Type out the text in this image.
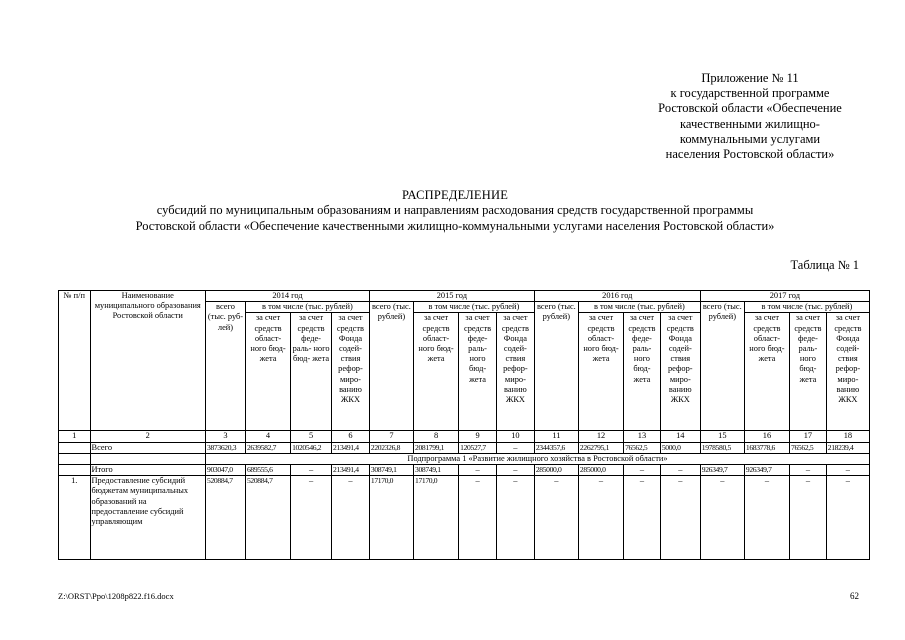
Приложение № 11
к государственной программе
Ростовской области «Обеспечение
качественными жилищно-
коммунальными услугами
населения Ростовской области»
РАСПРЕДЕЛЕНИЕ
субсидий по муниципальным образованиям и направлениям расходования средств государственной программы
Ростовской области «Обеспечение качественными жилищно-коммунальными услугами населения Ростовской области»
Таблица № 1
№ п/п	Наименование муниципального образования Ростовской области	2014 год				2015 год				2016 год				2017 год			
		всего (тыс. руб- лей)	в том числе (тыс. рублей)			всего (тыс. рублей)	в том числе (тыс. рублей)			всего (тыс. рублей)	в том числе (тыс. рублей)			всего (тыс. рублей)	в том числе (тыс. рублей)		
			за счет средств област- ного бюд- жета	за счет средств феде- раль- ного бюд- жета	за счет средств Фонда содей- ствия рефор- миро- ванию ЖКХ		за счет средств област- ного бюд- жета	за счет средств феде- раль- ного бюд- жета	за счет средств Фонда содей- ствия рефор- миро- ванию ЖКХ		за счет средств област- ного бюд- жета	за счет средств феде- раль- ного бюд- жета	за счет средств Фонда содей- ствия рефор- миро- ванию ЖКХ		за счет средств област- ного бюд- жета	за счет средств феде- раль- ного бюд- жета	за счет средств Фонда содей- ствия рефор- миро- ванию ЖКХ
1	2	3	4	5	6	7	8	9	10	11	12	13	14	15	16	17	18
	Всего	3873620,3	2639582,7	1020546,2	213491,4	2202326,8	2081799,1	120527,7	–	2344357,6	2262795,1	76562,5	5000,0	1978580,5	1683778,6	76562,5	218239,4
		Подпрограмма 1 «Развитие жилищного хозяйства в Ростовской области»															
	Итого	903047,0	689555,6	–	213491,4	308749,1	308749,1	–	–	285000,0	285000,0	–	–	926349,7	926349,7	–	–
1.	Предоставление субсидий бюджетам муниципальных образований на предоставление субсидий управляющим	520884,7	520884,7	–	–	17170,0	17170,0	–	–	–	–	–	–	–	–	–	–
Z:\ORST\Ppo\1208p822.f16.docx	62
